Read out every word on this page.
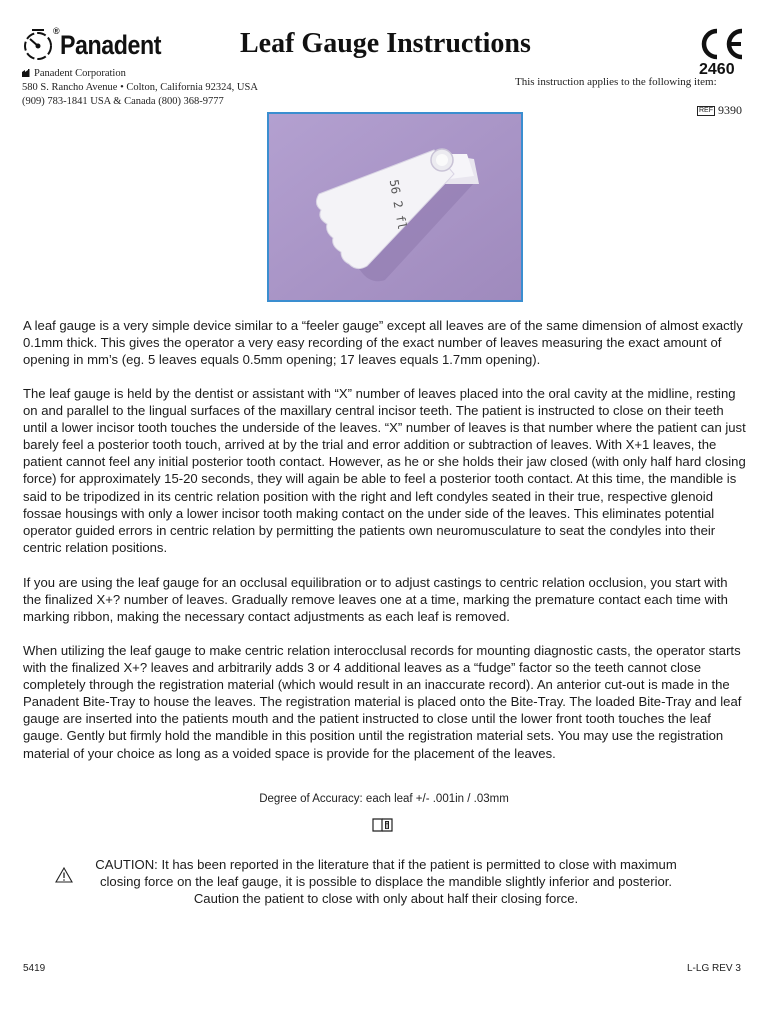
® Panadent	Leaf Gauge Instructions
Panadent Corporation
580 S. Rancho Avenue • Colton, California 92324, USA
(909) 783-1841 USA & Canada (800) 368-9777
2460
This instruction applies to the following item:
REF 9390
56 2 fl

A leaf gauge is a very simple device similar to a “feeler gauge” except all leaves are of the same dimension of almost exactly 0.1mm thick. This gives the operator a very easy recording of the exact number of leaves measuring the exact amount of opening in mm’s (eg. 5 leaves equals 0.5mm opening; 17 leaves equals 1.7mm opening).

The leaf gauge is held by the dentist or assistant with “X” number of leaves placed into the oral cavity at the midline, resting on and parallel to the lingual surfaces of the maxillary central incisor teeth. The patient is instructed to close on their teeth until a lower incisor tooth touches the underside of the leaves. “X” number of leaves is that number where the patient can just barely feel a posterior tooth touch, arrived at by the trial and error addition or subtraction of leaves. With X+1 leaves, the patient cannot feel any initial posterior tooth contact. However, as he or she holds their jaw closed (with only half hard closing force) for approximately 15-20 seconds, they will again be able to feel a posterior tooth contact. At this time, the mandible is said to be tripodized in its centric relation position with the right and left condyles seated in their true, respective glenoid fossae housings with only a lower incisor tooth making contact on the under side of the leaves. This eliminates potential operator guided errors in centric relation by permitting the patients own neuromusculature to seat the condyles into their centric relation positions.

If you are using the leaf gauge for an occlusal equilibration or to adjust castings to centric relation occlusion, you start with the finalized X+? number of leaves. Gradually remove leaves one at a time, marking the premature contact each time with marking ribbon, making the necessary contact adjustments as each leaf is removed.

When utilizing the leaf gauge to make centric relation interocclusal records for mounting diagnostic casts, the operator starts with the finalized X+? leaves and arbitrarily adds 3 or 4 additional leaves as a “fudge” factor so the teeth cannot close completely through the registration material (which would result in an inaccurate record). An anterior cut-out is made in the Panadent Bite-Tray to house the leaves. The registration material is placed onto the Bite-Tray. The loaded Bite-Tray and leaf gauge are inserted into the patients mouth and the patient instructed to close until the lower front tooth touches the leaf gauge. Gently but firmly hold the mandible in this position until the registration material sets. You may use the registration material of your choice as long as a voided space is provide for the placement of the leaves.

Degree of Accuracy: each leaf +/- .001in / .03mm
CAUTION: It has been reported in the literature that if the patient is permitted to close with maximum
closing force on the leaf gauge, it is possible to displace the mandible slightly inferior and posterior.
Caution the patient to close with only about half their closing force.
5419	L-LG REV 3
